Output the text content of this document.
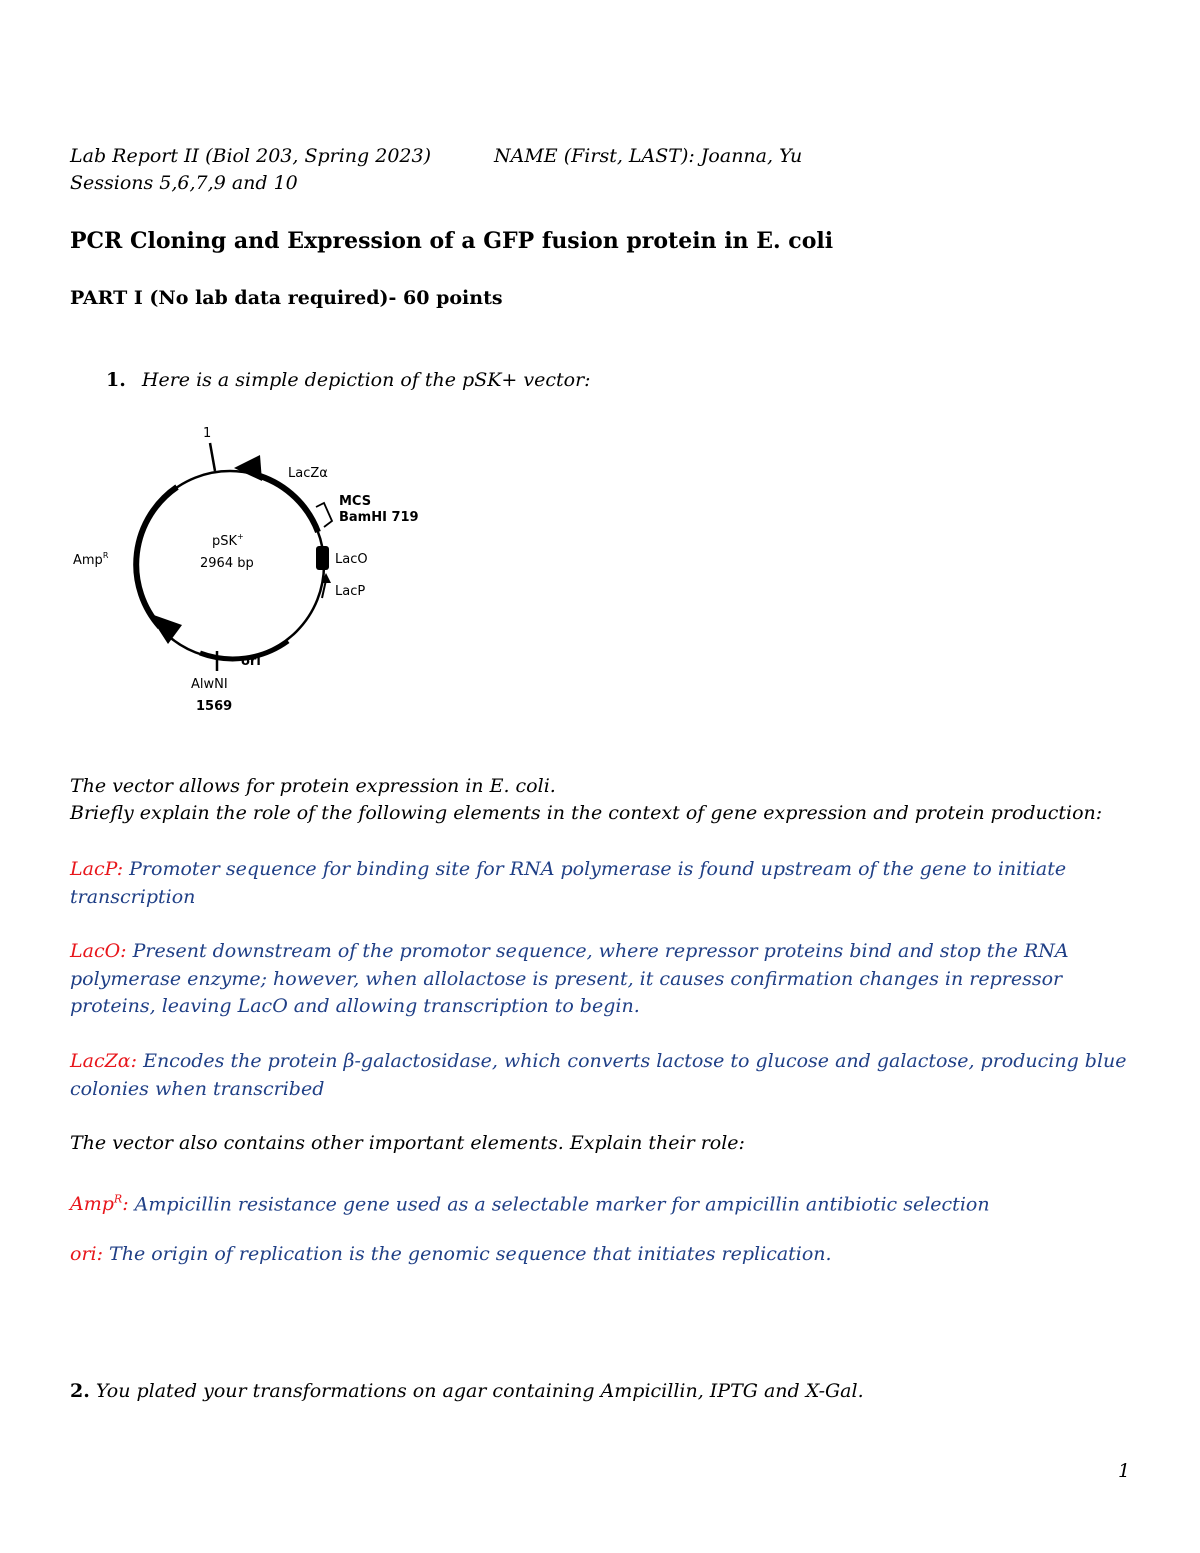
Lab Report II (Biol 203, Spring 2023)	NAME (First, LAST): Joanna, Yu
Sessions 5,6,7,9 and 10
PCR Cloning and Expression of a GFP fusion protein in E. coli
PART I (No lab data required)- 60 points
1. Here is a simple depiction of the pSK+ vector:
1
LacZα
MCS
BamHI 719
LacO
LacP
Amp$^R$
ori
AlwNI
1569
pSK+
2964 bp
The vector allows for protein expression in E. coli.
Briefly explain the role of the following elements in the context of gene expression and protein production:
LacP: Promoter sequence for binding site for RNA polymerase is found upstream of the gene to initiate transcription
LacO: Present downstream of the promotor sequence, where repressor proteins bind and stop the RNA polymerase enzyme; however, when allolactose is present, it causes confirmation changes in repressor proteins, leaving LacO and allowing transcription to begin.
LacZα: Encodes the protein β-galactosidase, which converts lactose to glucose and galactose, producing blue colonies when transcribed
The vector also contains other important elements. Explain their role:
Amp$^R$: Ampicillin resistance gene used as a selectable marker for ampicillin antibiotic selection
ori: The origin of replication is the genomic sequence that initiates replication.
2. You plated your transformations on agar containing Ampicillin, IPTG and X-Gal.
1
